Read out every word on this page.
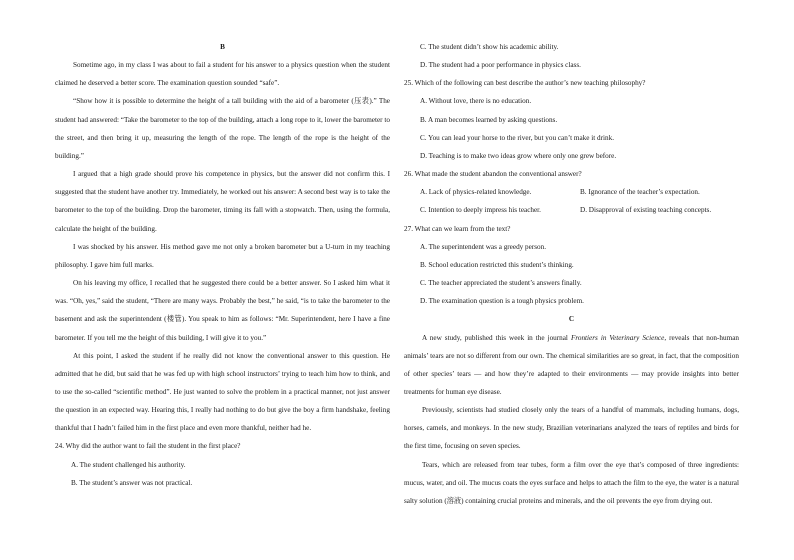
B

Sometime ago, in my class I was about to fail a student for his answer to a physics question when the student claimed he deserved a better score. The examination question sounded “safe”.

“Show how it is possible to determine the height of a tall building with the aid of a barometer (压表).” The student had answered: “Take the barometer to the top of the building, attach a long rope to it, lower the barometer to the street, and then bring it up, measuring the length of the rope. The length of the rope is the height of the building.”

I argued that a high grade should prove his competence in physics, but the answer did not confirm this. I suggested that the student have another try. Immediately, he worked out his answer: A second best way is to take the barometer to the top of the building. Drop the barometer, timing its fall with a stopwatch. Then, using the formula, calculate the height of the building.

I was shocked by his answer. His method gave me not only a broken barometer but a U-turn in my teaching philosophy. I gave him full marks.

On his leaving my office, I recalled that he suggested there could be a better answer. So I asked him what it was. “Oh, yes,” said the student, “There are many ways. Probably the best,” he said, “is to take the barometer to the basement and ask the superintendent (楼管). You speak to him as follows: “Mr. Superintendent, here I have a fine barometer. If you tell me the height of this building, I will give it to you.”

At this point, I asked the student if he really did not know the conventional answer to this question. He admitted that he did, but said that he was fed up with high school instructors’ trying to teach him how to think, and to use the so-called “scientific method”. He just wanted to solve the problem in a practical manner, not just answer the question in an expected way. Hearing this, I really had nothing to do but give the boy a firm handshake, feeling thankful that I hadn’t failed him in the first place and even more thankful, neither had he.

24. Why did the author want to fail the student in the first place?

A. The student challenged his authority.

B. The student’s answer was not practical.

C. The student didn’t show his academic ability.

D. The student had a poor performance in physics class.

25. Which of the following can best describe the author’s new teaching philosophy?

A. Without love, there is no education.

B. A man becomes learned by asking questions.

C. You can lead your horse to the river, but you can’t make it drink.

D. Teaching is to make two ideas grow where only one grew before.

26. What made the student abandon the conventional answer?

A. Lack of physics-related knowledge.	B. Ignorance of the teacher’s expectation.
C. Intention to deeply impress his teacher.	D. Disapproval of existing teaching concepts.

27. What can we learn from the text?

A. The superintendent was a greedy person.

B. School education restricted this student’s thinking.

C. The teacher appreciated the student’s answers finally.

D. The examination question is a tough physics problem.

C

A new study, published this week in the journal Frontiers in Veterinary Science, reveals that non-human animals’ tears are not so different from our own. The chemical similarities are so great, in fact, that the composition of other species’ tears — and how they’re adapted to their environments — may provide insights into better treatments for human eye disease.

Previously, scientists had studied closely only the tears of a handful of mammals, including humans, dogs, horses, camels, and monkeys. In the new study, Brazilian veterinarians analyzed the tears of reptiles and birds for the first time, focusing on seven species.

Tears, which are released from tear tubes, form a film over the eye that’s composed of three ingredients: mucus, water, and oil. The mucus coats the eyes surface and helps to attach the film to the eye, the water is a natural salty solution (溶液) containing crucial proteins and minerals, and the oil prevents the eye from drying out.
